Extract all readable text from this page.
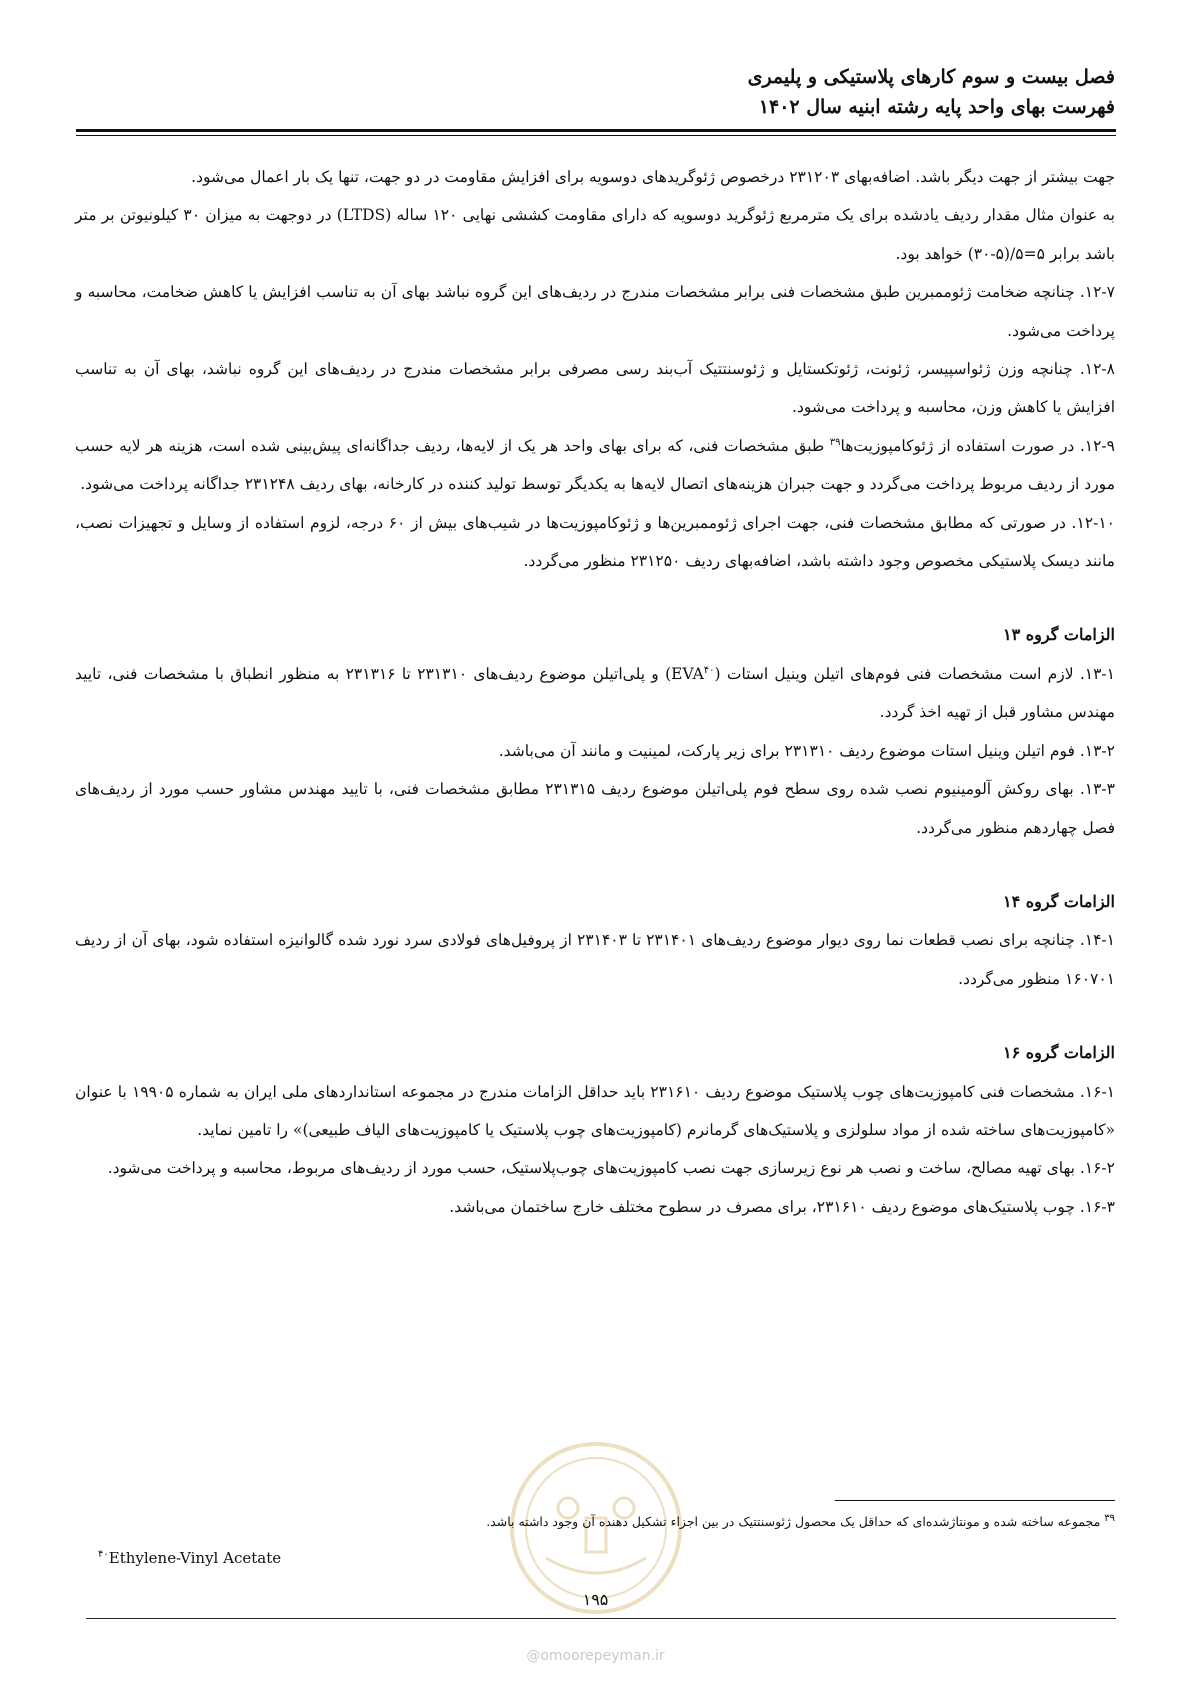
فصل بیست و سوم کارهای پلاستیکی و پلیمری
فهرست بهای واحد پایه رشته ابنیه سال ۱۴۰۲

جهت بیشتر از جهت دیگر باشد. اضافه‌بهای ۲۳۱۲۰۳ درخصوص ژئوگریدهای دوسویه برای افزایش مقاومت در دو جهت، تنها یک بار اعمال می‌شود.

به عنوان مثال مقدار ردیف یادشده برای یک مترمربع ژئوگرید دوسویه که دارای مقاومت کششی نهایی ۱۲۰ ساله (LTDS) در دوجهت به میزان ۳۰ کیلونیوتن بر متر باشد برابر ۵=۵/(۵-۳۰) خواهد بود.

۱۲-۷. چنانچه ضخامت ژئوممبرین طبق مشخصات فنی برابر مشخصات مندرج در ردیف‌های این گروه نباشد بهای آن به تناسب افزایش یا کاهش ضخامت، محاسبه و پرداخت می‌شود.

۱۲-۸. چنانچه وزن ژئواسپیسر، ژئونت، ژئوتکستایل و ژئوسنتتیک آب‌بند رسی مصرفی برابر مشخصات مندرج در ردیف‌های این گروه نباشد، بهای آن به تناسب افزایش یا کاهش وزن، محاسبه و پرداخت می‌شود.

۱۲-۹. در صورت استفاده از ژئوکامپوزیت‌ها$^{۳۹}$ طبق مشخصات فنی، که برای بهای واحد هر یک از لایه‌ها، ردیف جداگانه‌ای پیش‌بینی شده است، هزینه هر لایه حسب مورد از ردیف مربوط پرداخت می‌گردد و جهت جبران هزینه‌های اتصال لایه‌ها به یکدیگر توسط تولید کننده در کارخانه، بهای ردیف ۲۳۱۲۴۸ جداگانه پرداخت می‌شود.

۱۲-۱۰. در صورتی که مطابق مشخصات فنی، جهت اجرای ژئوممبرین‌ها و ژئوکامپوزیت‌ها در شیب‌های بیش از ۶۰ درجه، لزوم استفاده از وسایل و تجهیزات نصب، مانند دیسک پلاستیکی مخصوص وجود داشته باشد، اضافه‌بهای ردیف ۲۳۱۲۵۰ منظور می‌گردد.

الزامات گروه ۱۳

۱۳-۱. لازم است مشخصات فنی فوم‌های اتیلن وینیل استات (EVA$^{۴۰}$) و پلی‌اتیلن موضوع ردیف‌های ۲۳۱۳۱۰ تا ۲۳۱۳۱۶ به منظور انطباق با مشخصات فنی، تایید مهندس مشاور قبل از تهیه اخذ گردد.

۱۳-۲. فوم اتیلن وینیل استات موضوع ردیف ۲۳۱۳۱۰ برای زیر پارکت، لمینیت و مانند آن می‌باشد.

۱۳-۳. بهای روکش آلومینیوم نصب شده روی سطح فوم پلی‌اتیلن موضوع ردیف ۲۳۱۳۱۵ مطابق مشخصات فنی، با تایید مهندس مشاور حسب مورد از ردیف‌های فصل چهاردهم منظور می‌گردد.

الزامات گروه ۱۴

۱۴-۱. چنانچه برای نصب قطعات نما روی دیوار موضوع ردیف‌های ۲۳۱۴۰۱ تا ۲۳۱۴۰۳ از پروفیل‌های فولادی سرد نورد شده گالوانیزه استفاده شود، بهای آن از ردیف ۱۶۰۷۰۱ منظور می‌گردد.

الزامات گروه ۱۶

۱۶-۱. مشخصات فنی کامپوزیت‌های چوب پلاستیک موضوع ردیف ۲۳۱۶۱۰ باید حداقل الزامات مندرج در مجموعه استانداردهای ملی ایران به شماره ۱۹۹۰۵ با عنوان «کامپوزیت‌های ساخته شده از مواد سلولزی و پلاستیک‌های گرمانرم (کامپوزیت‌های چوب پلاستیک یا کامپوزیت‌های الیاف طبیعی)» را تامین نماید.

۱۶-۲. بهای تهیه مصالح، ساخت و نصب هر نوع زیرسازی جهت نصب کامپوزیت‌های چوب‌پلاستیک، حسب مورد از ردیف‌های مربوط، محاسبه و پرداخت می‌شود.

۱۶-۳. چوب پلاستیک‌های موضوع ردیف ۲۳۱۶۱۰، برای مصرف در سطوح مختلف خارج ساختمان می‌باشد.

$^{۳۹}$ مجموعه ساخته شده و مونتاژشده‌ای که حداقل یک محصول ژئوسنتتیک در بین اجزاء تشکیل دهنده آن وجود داشته باشد.
$^{۴۰}$Ethylene-Vinyl Acetate
۱۹۵
@omoorepeyman.ir
